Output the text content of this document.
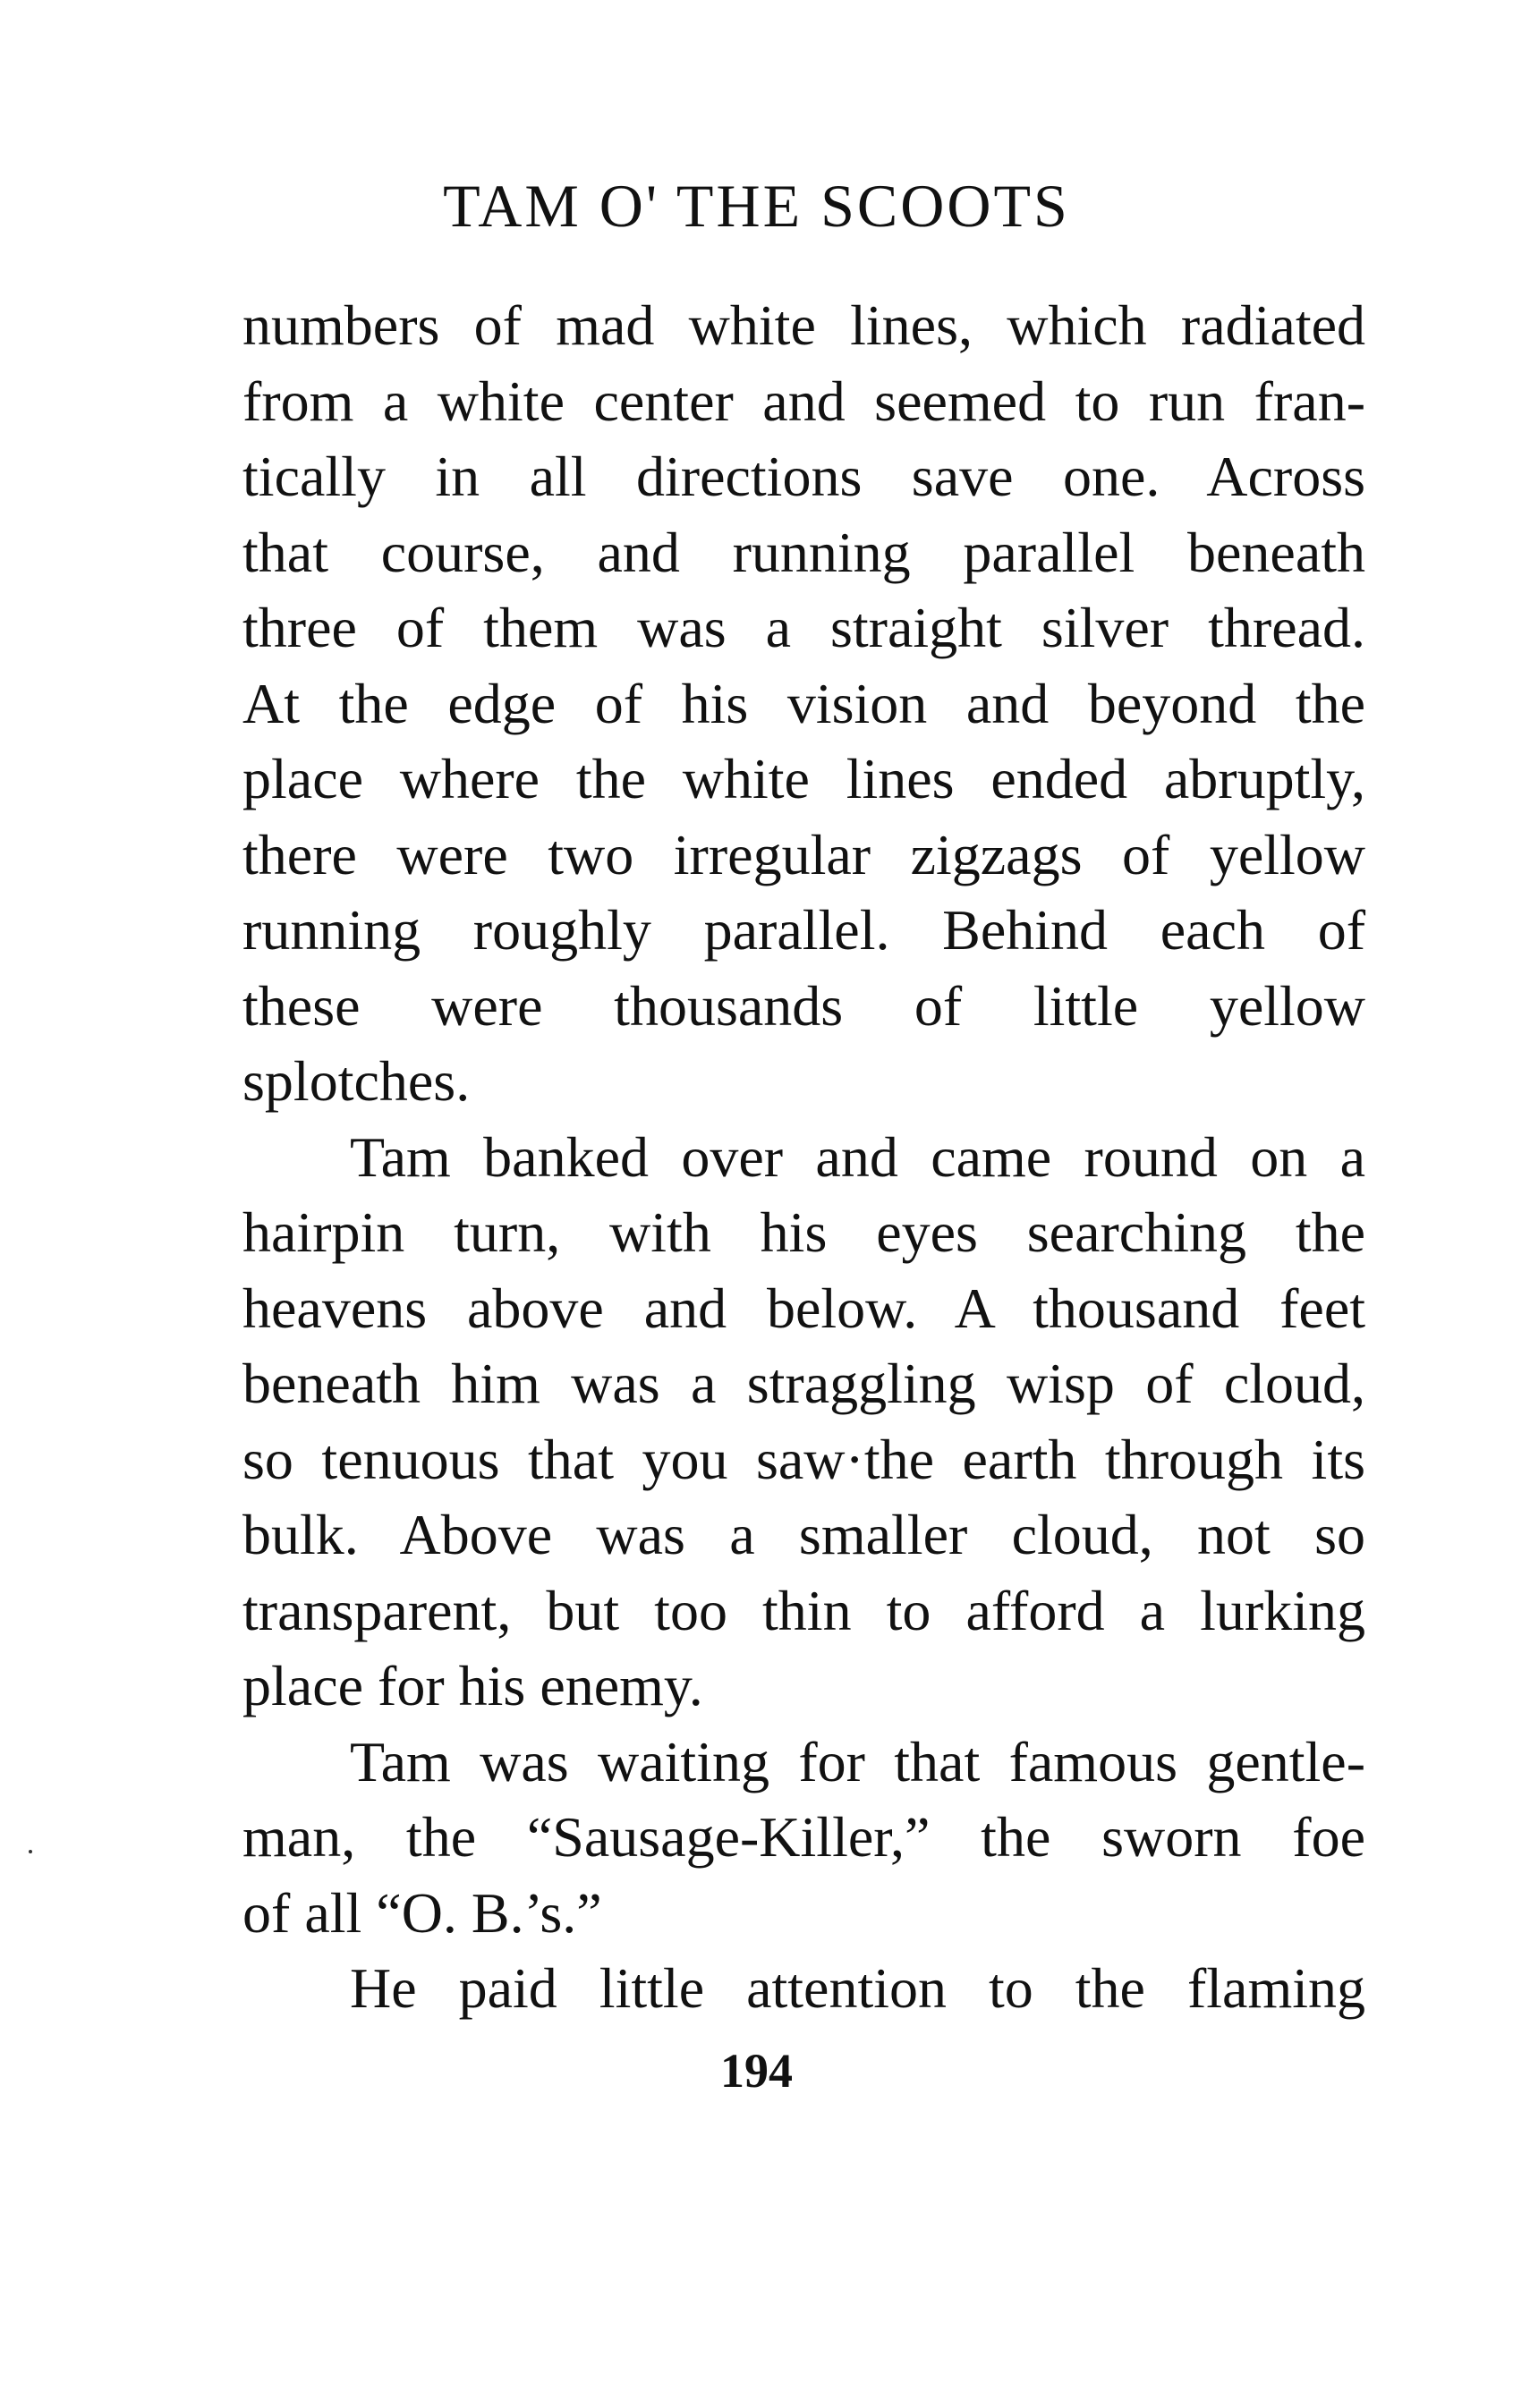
TAM O' THE SCOOTS
numbers of mad white lines, which radiated
from a white center and seemed to run fran-
tically in all directions save one. Across
that course, and running parallel beneath
three of them was a straight silver thread.
At the edge of his vision and beyond the
place where the white lines ended abruptly,
there were two irregular zigzags of yellow
running roughly parallel. Behind each of
these were thousands of little yellow
splotches.
Tam banked over and came round on a
hairpin turn, with his eyes searching the
heavens above and below. A thousand feet
beneath him was a straggling wisp of cloud,
so tenuous that you saw·the earth through its
bulk. Above was a smaller cloud, not so
transparent, but too thin to afford a lurking
place for his enemy.
Tam was waiting for that famous gentle-
man, the “Sausage-Killer,” the sworn foe
of all “O. B.’s.”
He paid little attention to the flaming
194
